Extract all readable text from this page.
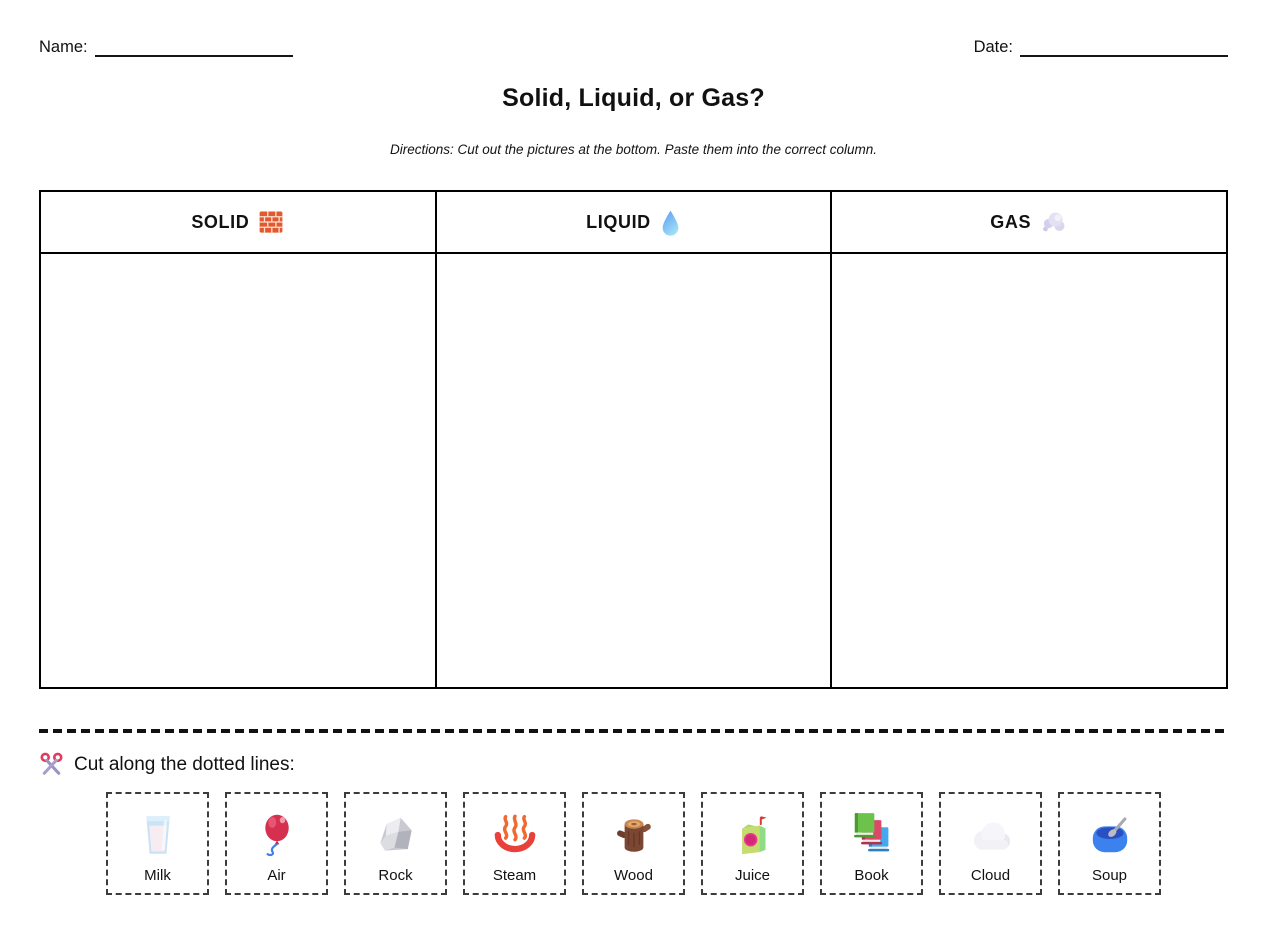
Name:	Date:
Solid, Liquid, or Gas?
Directions: Cut out the pictures at the bottom. Paste them into the correct column.
SOLID	LIQUID	GAS

Cut along the dotted lines:
Milk	Air	Rock	Steam	Wood	Juice	Book	Cloud	Soup
